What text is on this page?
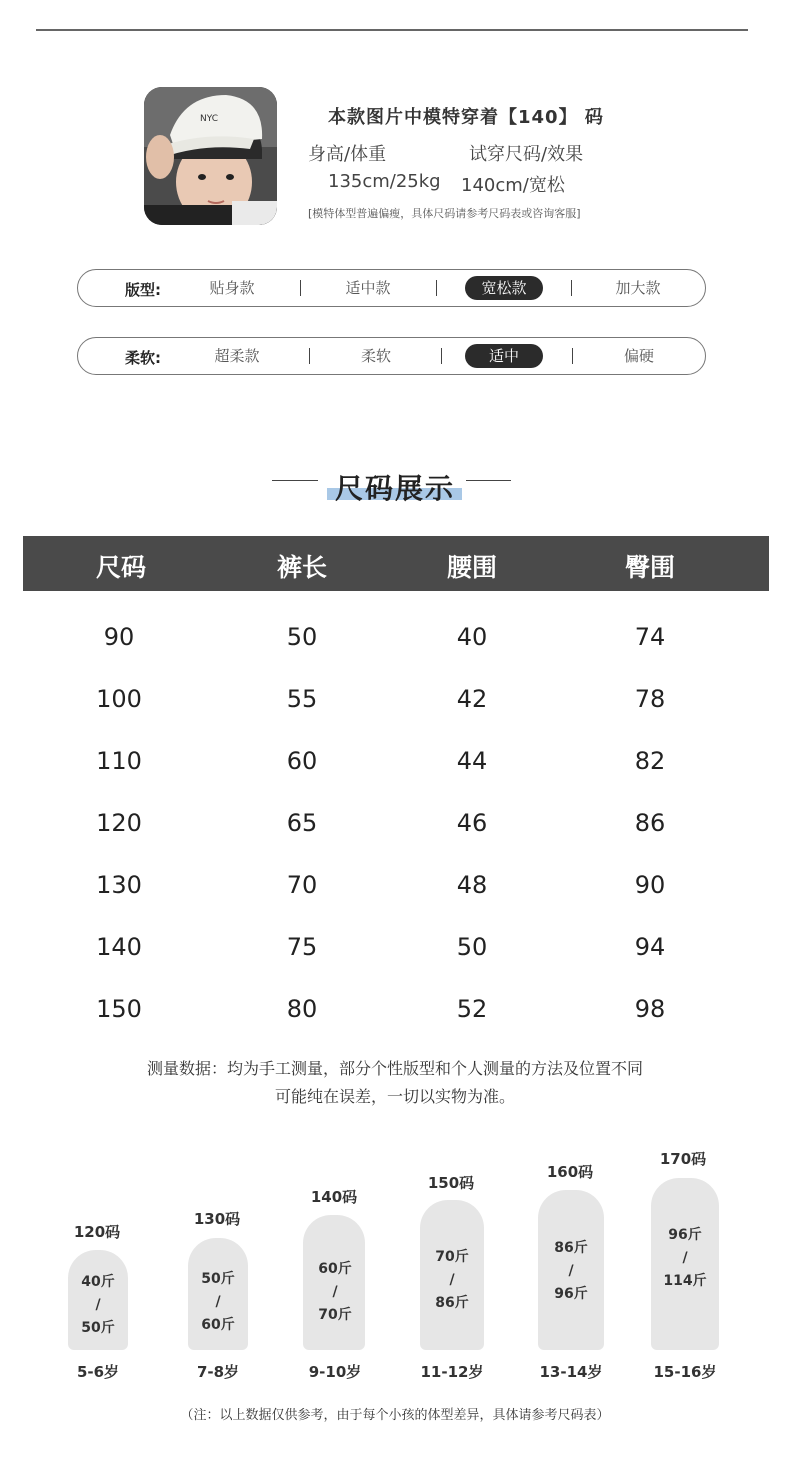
NYC	本款图片中模特穿着【140】 码
身高/体重	试穿尺码/效果
135cm/25kg 140cm/宽松
[模特体型普遍偏瘦，具体尺码请参考尺码表或咨询客服]
版型:	贴身款	适中款	宽松款	加大款
柔软:	超柔款	柔软	适中	偏硬
尺码展示
尺码	裤长	腰围	臀围
90	50	40	74
100	55	42	78
110	60	44	82
120	65	46	86
130	70	48	90
140	75	50	94
150	80	52	98
测量数据：均为手工测量，部分个性版型和个人测量的方法及位置不同
可能纯在误差，一切以实物为准。
120码
40斤
/
50斤
5-6岁
130码
50斤
/
60斤
7-8岁
140码
60斤
/
70斤
9-10岁
150码
70斤
/
86斤
11-12岁
160码
86斤
/
96斤
13-14岁
170码
96斤
/
114斤
15-16岁
（注：以上数据仅供参考，由于每个小孩的体型差异，具体请参考尺码表）
